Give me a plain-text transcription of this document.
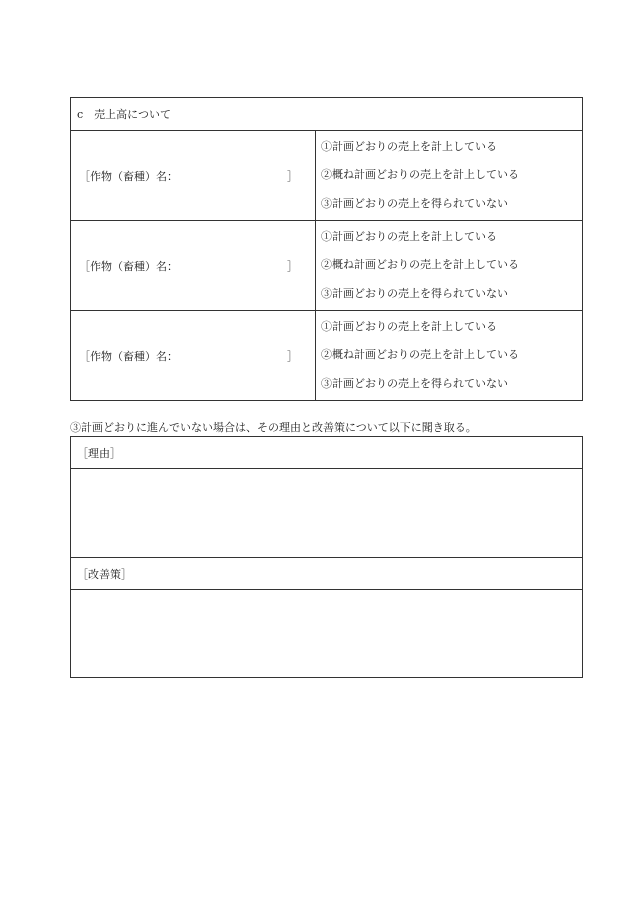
c　売上高について
［作物（畜種）名：	］
①計画どおりの売上を計上している
②概ね計画どおりの売上を計上している
③計画どおりの売上を得られていない
［作物（畜種）名：	］
①計画どおりの売上を計上している
②概ね計画どおりの売上を計上している
③計画どおりの売上を得られていない
［作物（畜種）名：	］
①計画どおりの売上を計上している
②概ね計画どおりの売上を計上している
③計画どおりの売上を得られていない
③計画どおりに進んでいない場合は、その理由と改善策について以下に聞き取る。
［理由］
［改善策］
